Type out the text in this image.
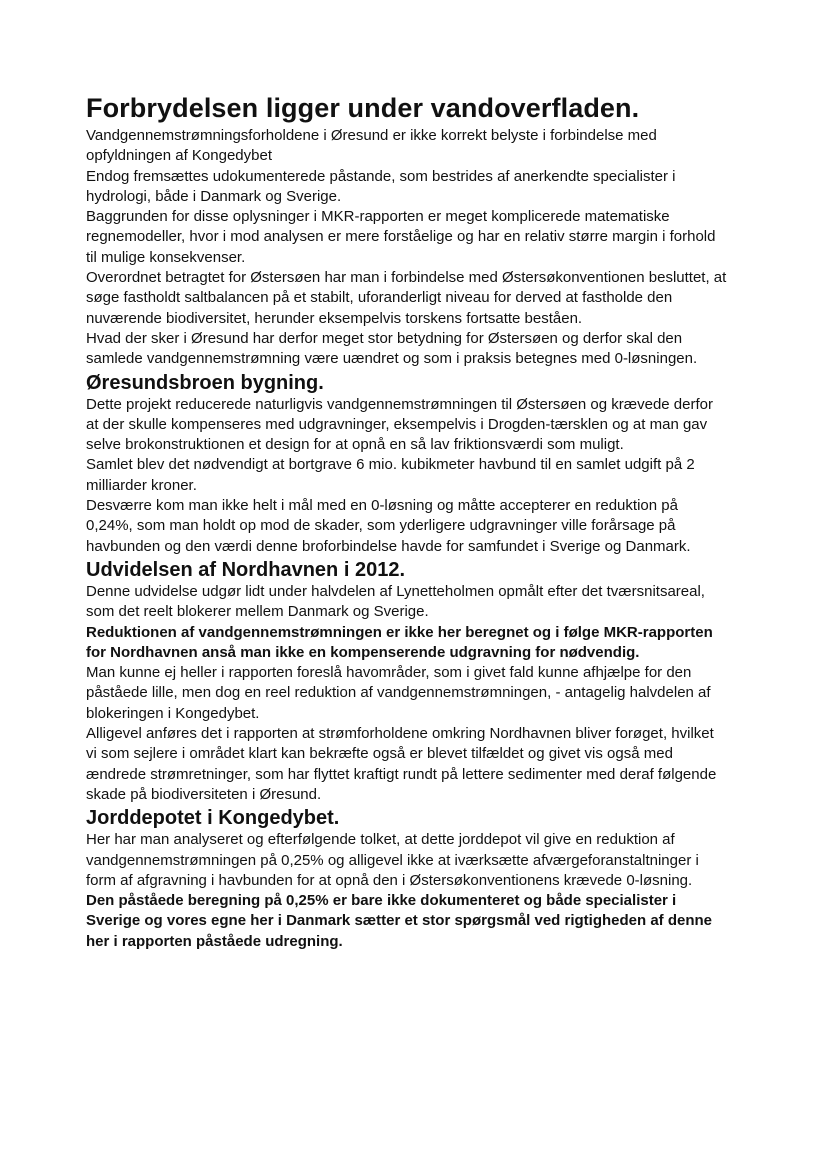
Forbrydelsen ligger under vandoverfladen.

Vandgennemstrømningsforholdene i Øresund er ikke korrekt belyste i forbindelse med opfyldningen af Kongedybet

Endog fremsættes udokumenterede påstande, som bestrides af anerkendte specialister i hydrologi, både i Danmark og Sverige.

Baggrunden for disse oplysninger i MKR-rapporten er meget komplicerede matematiske regnemodeller, hvor i mod analysen er mere forståelige og har en relativ større margin i forhold til mulige konsekvenser.

Overordnet betragtet for Østersøen har man i forbindelse med Østersøkonventionen besluttet, at søge fastholdt saltbalancen på et stabilt, uforanderligt niveau for derved at fastholde den nuværende biodiversitet, herunder eksempelvis torskens fortsatte beståen.

Hvad der sker i Øresund har derfor meget stor betydning for Østersøen og derfor skal den samlede vandgennemstrømning være uændret og som i praksis betegnes med 0-løsningen.

Øresundsbroen bygning.

Dette projekt reducerede naturligvis vandgennemstrømningen til Østersøen og krævede derfor at der skulle kompenseres med udgravninger, eksempelvis i Drogden-tærsklen og at man gav selve brokonstruktionen et design for at opnå en så lav friktionsværdi som muligt.

Samlet blev det nødvendigt at bortgrave 6 mio. kubikmeter havbund til en samlet udgift på 2 milliarder kroner.

Desværre kom man ikke helt i mål med en 0-løsning og måtte accepterer en reduktion på 0,24%, som man holdt op mod de skader, som yderligere udgravninger ville forårsage på havbunden og den værdi denne broforbindelse havde for samfundet i Sverige og Danmark.

Udvidelsen af Nordhavnen i 2012.

Denne udvidelse udgør lidt under halvdelen af Lynetteholmen opmålt efter det tværsnitsareal, som det reelt blokerer mellem Danmark og Sverige.

Reduktionen af vandgennemstrømningen er ikke her beregnet og i følge MKR-rapporten for Nordhavnen anså man ikke en kompenserende udgravning for nødvendig.

Man kunne ej heller i rapporten foreslå havområder, som i givet fald kunne afhjælpe for den påståede lille, men dog en reel reduktion af vandgennemstrømningen, - antagelig halvdelen af blokeringen i Kongedybet.

Alligevel anføres det i rapporten at strømforholdene omkring Nordhavnen bliver forøget, hvilket vi som sejlere i området klart kan bekræfte også er blevet tilfældet og givet vis også med ændrede strømretninger, som har flyttet kraftigt rundt på lettere sedimenter med deraf følgende skade på biodiversiteten i Øresund.

Jorddepotet i Kongedybet.

Her har man analyseret og efterfølgende tolket, at dette jorddepot vil give en reduktion af vandgennemstrømningen på 0,25% og alligevel ikke at iværksætte afværgeforanstaltninger i form af afgravning i havbunden for at opnå den i Østersøkonventionens krævede 0-løsning.

Den påståede beregning på 0,25% er bare ikke dokumenteret og både specialister i Sverige og vores egne her i Danmark sætter et stor spørgsmål ved rigtigheden af denne her i rapporten påståede udregning.
